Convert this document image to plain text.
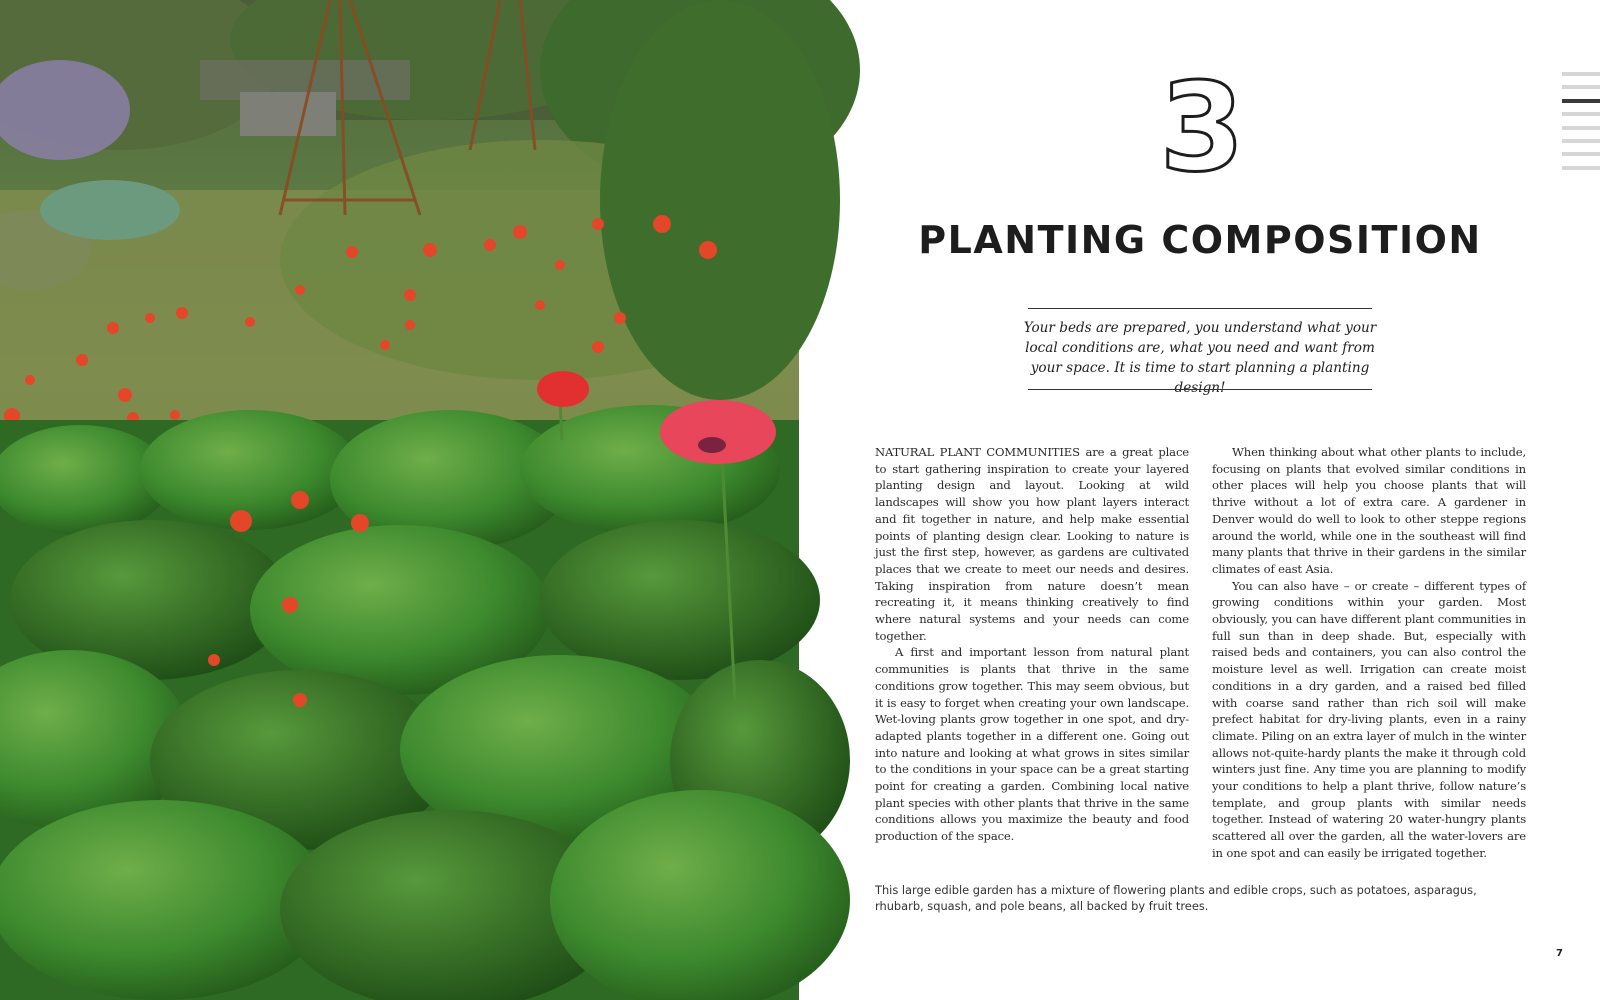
3
PLANTING COMPOSITION

Your beds are prepared, you understand what your local conditions are, what you need and want from your space. It is time to start planning a planting design!

NATURAL PLANT COMMUNITIES are a great place to start gathering inspiration to create your layered planting design and layout. Looking at wild landscapes will show you how plant layers interact and fit together in nature, and help make essential points of planting design clear. Looking to nature is just the first step, however, as gardens are cultivated places that we create to meet our needs and desires. Taking inspiration from nature doesn’t mean recreating it, it means thinking creatively to find where natural systems and your needs can come together.

A first and important lesson from natural plant communities is plants that thrive in the same conditions grow together. This may seem obvious, but it is easy to forget when creating your own landscape. Wet-loving plants grow together in one spot, and dry-adapted plants together in a different one. Going out into nature and looking at what grows in sites similar to the conditions in your space can be a great starting point for creating a garden. Combining local native plant species with other plants that thrive in the same conditions allows you maximize the beauty and food production of the space.

When thinking about what other plants to include, focusing on plants that evolved similar conditions in other places will help you choose plants that will thrive without a lot of extra care. A gardener in Denver would do well to look to other steppe regions around the world, while one in the southeast will find many plants that thrive in their gardens in the similar climates of east Asia.

You can also have – or create – different types of growing conditions within your garden. Most obviously, you can have different plant communities in full sun than in deep shade. But, especially with raised beds and containers, you can also control the moisture level as well. Irrigation can create moist conditions in a dry garden, and a raised bed filled with coarse sand rather than rich soil will make prefect habitat for dry-living plants, even in a rainy climate. Piling on an extra layer of mulch in the winter allows not-quite-hardy plants the make it through cold winters just fine. Any time you are planning to modify your conditions to help a plant thrive, follow nature’s template, and group plants with similar needs together. Instead of watering 20 water-hungry plants scattered all over the garden, all the water-lovers are in one spot and can easily be irrigated together.

This large edible garden has a mixture of flowering plants and edible crops, such as potatoes, asparagus, rhubarb, squash, and pole beans, all backed by fruit trees.

7
